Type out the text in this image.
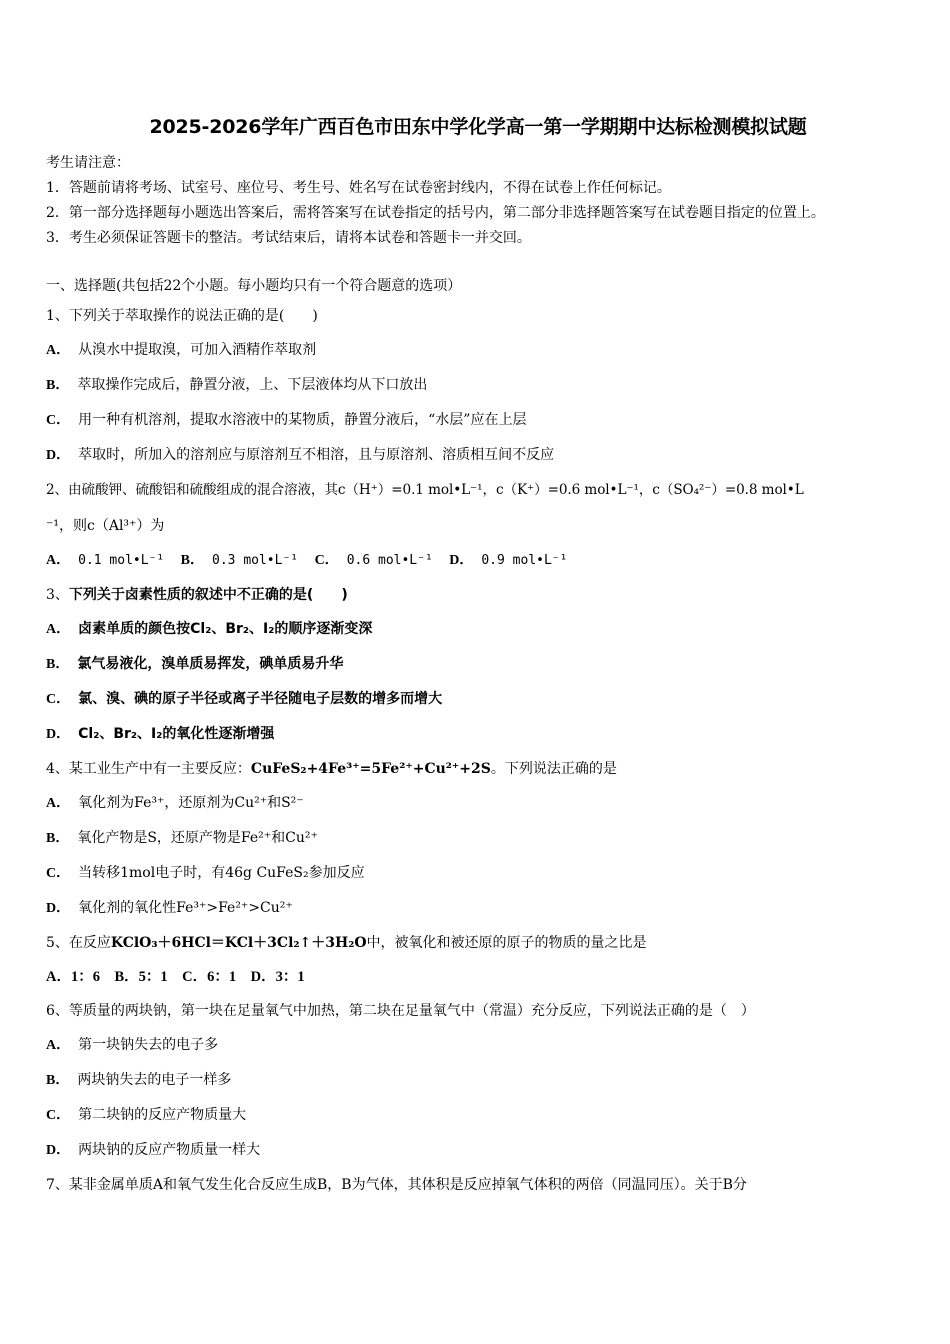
2025-2026学年广西百色市田东中学化学高一第一学期期中达标检测模拟试题
考生请注意：
1．答题前请将考场、试室号、座位号、考生号、姓名写在试卷密封线内，不得在试卷上作任何标记。
2．第一部分选择题每小题选出答案后，需将答案写在试卷指定的括号内，第二部分非选择题答案写在试卷题目指定的位置上。
3．考生必须保证答题卡的整洁。考试结束后，请将本试卷和答题卡一并交回。
一、选择题(共包括22个小题。每小题均只有一个符合题意的选项）
1、下列关于萃取操作的说法正确的是(　　)
A． 从溴水中提取溴，可加入酒精作萃取剂
B． 萃取操作完成后，静置分液，上、下层液体均从下口放出
C． 用一种有机溶剂，提取水溶液中的某物质，静置分液后，“水层”应在上层
D． 萃取时，所加入的溶剂应与原溶剂互不相溶，且与原溶剂、溶质相互间不反应
2、由硫酸钾、硫酸铝和硫酸组成的混合溶液，其c（H⁺）=0.1 mol•L⁻¹，c（K⁺）=0.6 mol•L⁻¹，c（SO₄²⁻）=0.8 mol•L
⁻¹，则c（Al³⁺）为
A． 0.1 mol•L⁻¹ B． 0.3 mol•L⁻¹ C． 0.6 mol•L⁻¹ D． 0.9 mol•L⁻¹
3、下列关于卤素性质的叙述中不正确的是(　　)
A． 卤素单质的颜色按Cl₂、Br₂、I₂的顺序逐渐变深
B． 氯气易液化，溴单质易挥发，碘单质易升华
C． 氯、溴、碘的原子半径或离子半径随电子层数的增多而增大
D． Cl₂、Br₂、I₂的氧化性逐渐增强
4、某工业生产中有一主要反应：CuFeS₂+4Fe³⁺=5Fe²⁺+Cu²⁺+2S。下列说法正确的是
A． 氧化剂为Fe³⁺，还原剂为Cu²⁺和S²⁻
B． 氧化产物是S，还原产物是Fe²⁺和Cu²⁺
C． 当转移1mol电子时，有46g CuFeS₂参加反应
D． 氧化剂的氧化性Fe³⁺>Fe²⁺>Cu²⁺
5、在反应KClO₃＋6HCl＝KCl＋3Cl₂↑＋3H₂O中，被氧化和被还原的原子的物质的量之比是
A．1：6　B．5：1　C．6：1　D．3：1
6、等质量的两块钠，第一块在足量氧气中加热，第二块在足量氧气中（常温）充分反应，下列说法正确的是（　）
A． 第一块钠失去的电子多
B． 两块钠失去的电子一样多
C． 第二块钠的反应产物质量大
D． 两块钠的反应产物质量一样大
7、某非金属单质A和氧气发生化合反应生成B，B为气体，其体积是反应掉氧气体积的两倍（同温同压）。关于B分
